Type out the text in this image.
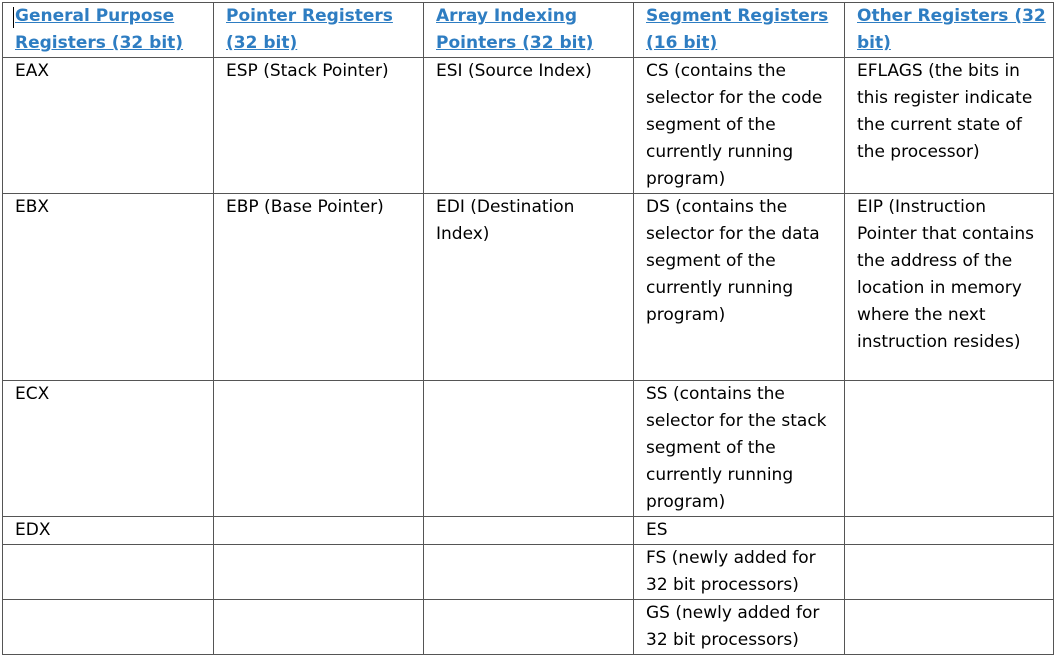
General Purpose Registers (32 bit)	Pointer Registers (32 bit)	Array Indexing Pointers (32 bit)	Segment Registers (16 bit)	Other Registers (32 bit)
EAX	ESP (Stack Pointer)	ESI (Source Index)	CS (contains the selector for the code segment of the currently running program)	EFLAGS (the bits in this register indicate the current state of the processor)
EBX	EBP (Base Pointer)	EDI (Destination Index)	DS (contains the selector for the data segment of the currently running program)	EIP (Instruction Pointer that contains the address of the location in memory where the next instruction resides)
ECX			SS (contains the selector for the stack segment of the currently running program)	
EDX			ES	
			FS (newly added for 32 bit processors)	
			GS (newly added for 32 bit processors)	
